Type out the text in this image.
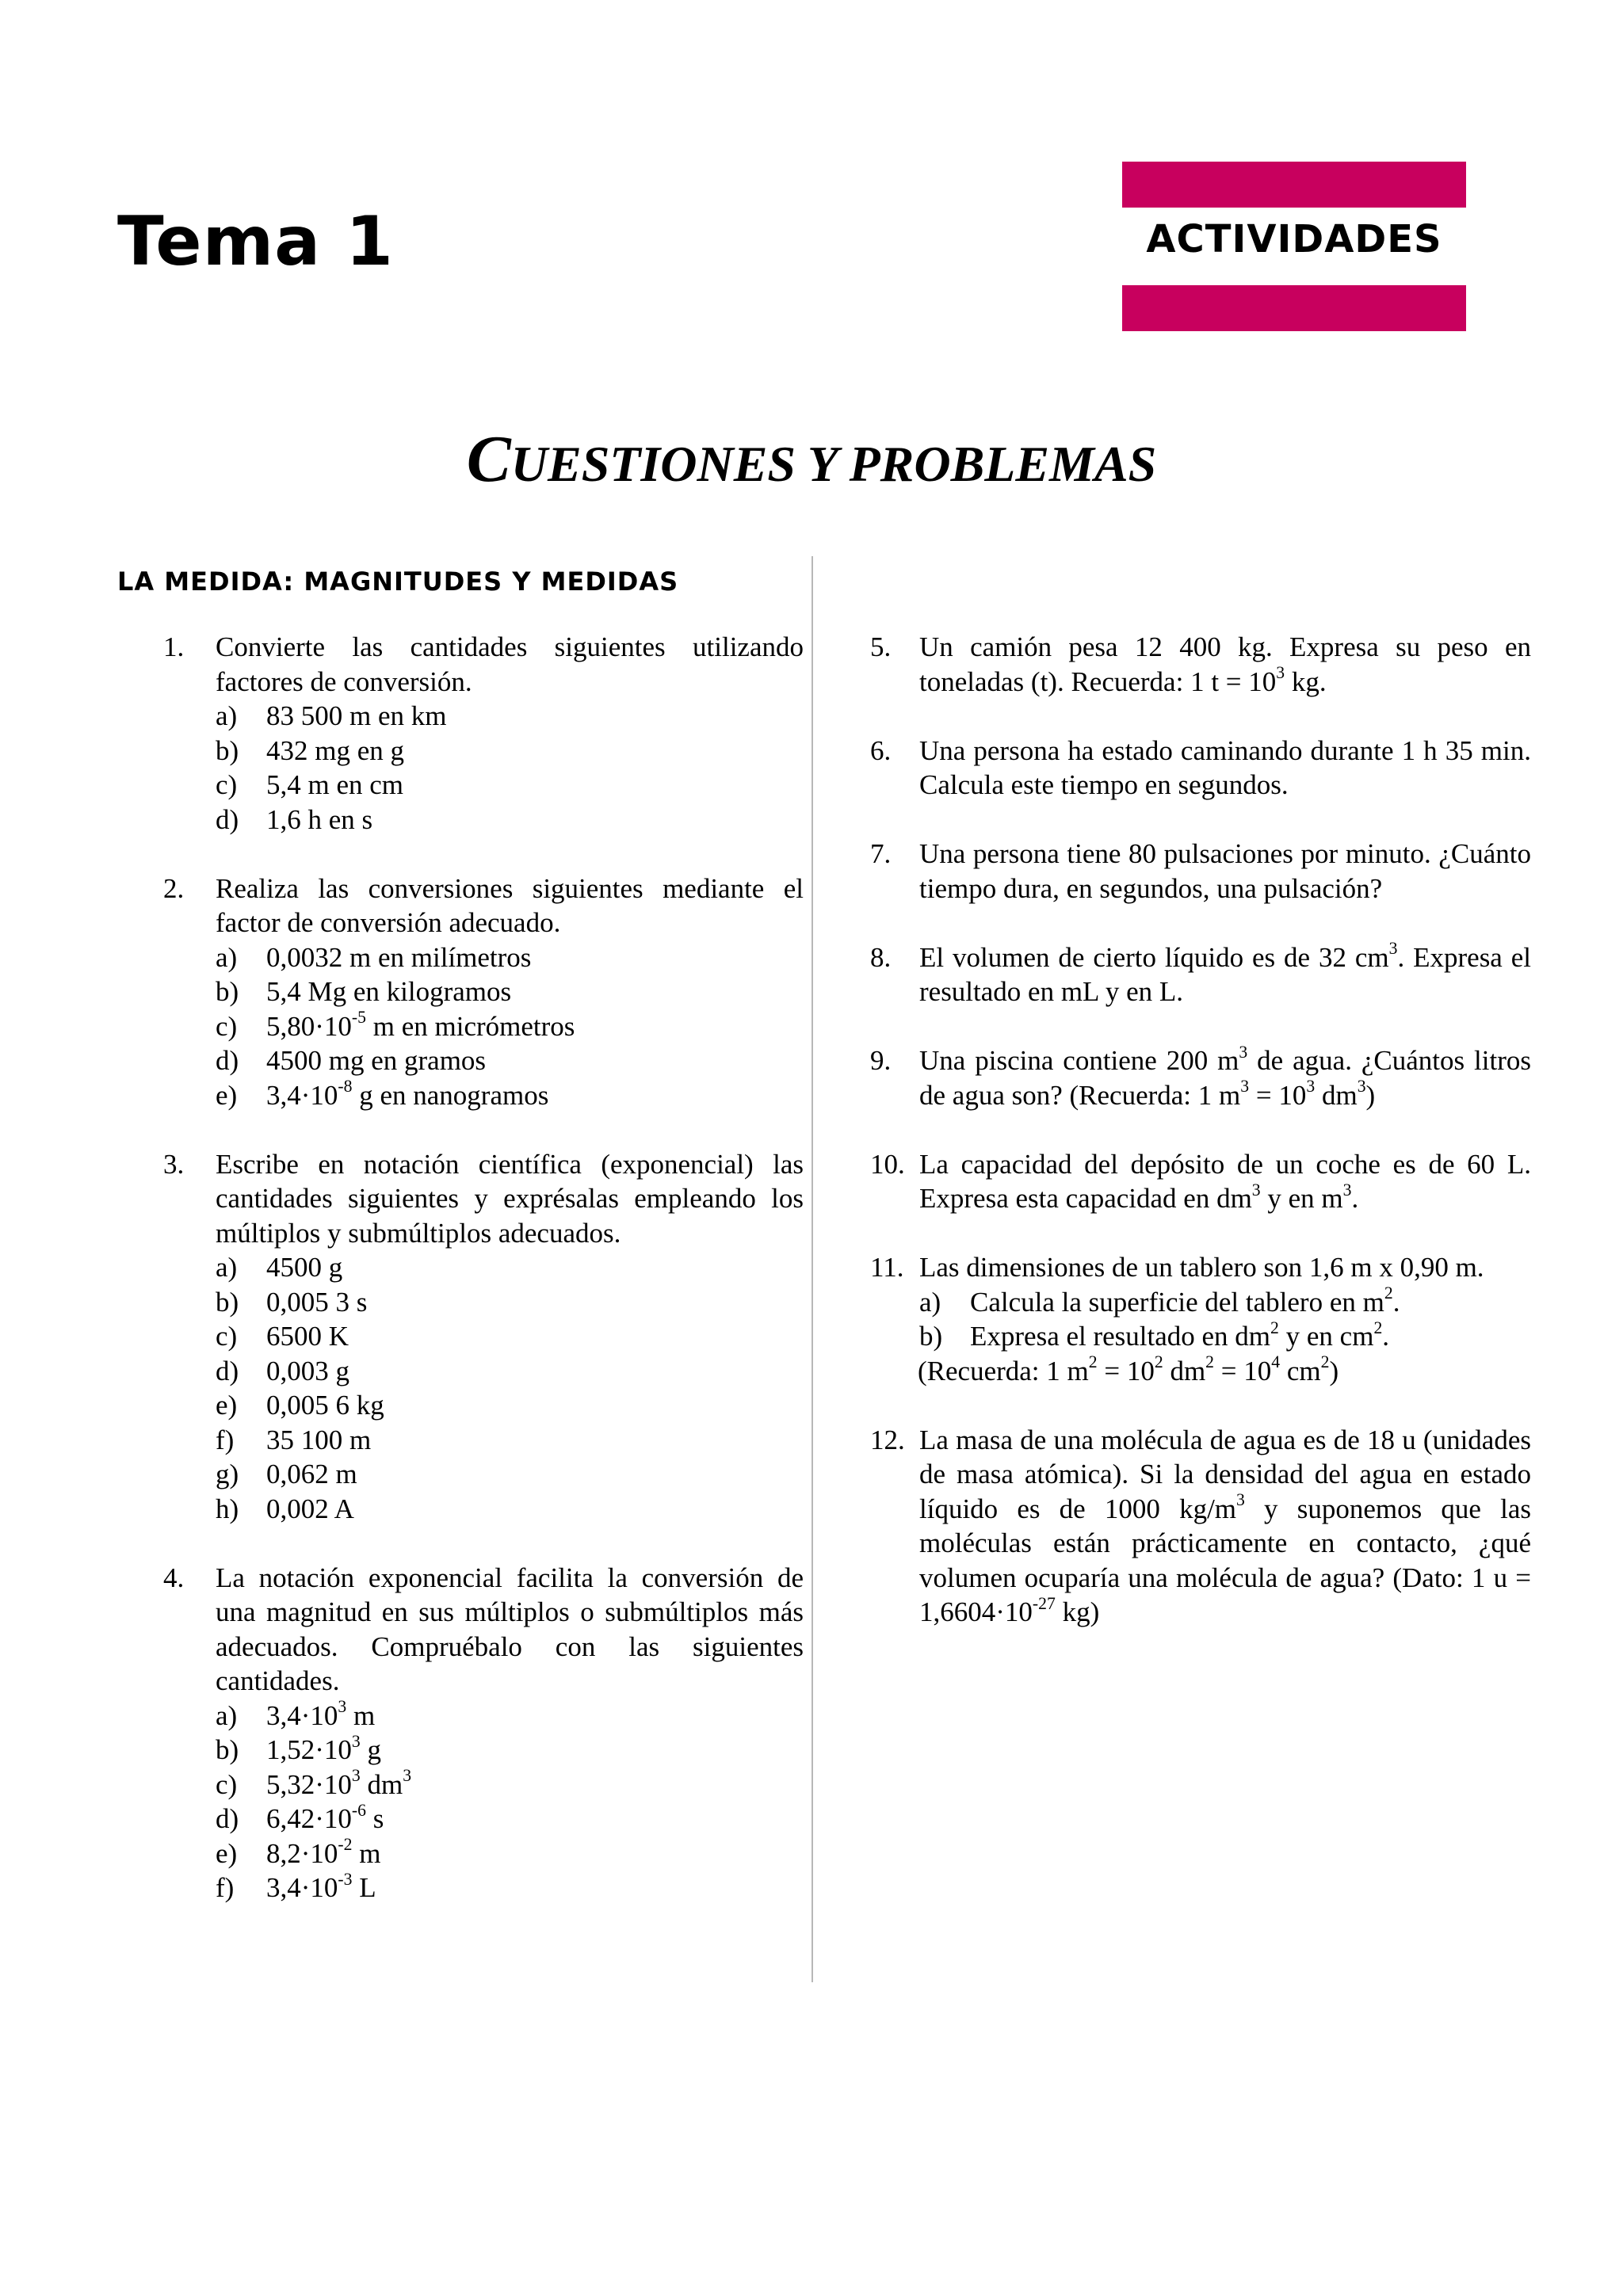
Tema 1	ACTIVIDADES
CUESTIONES Y PROBLEMAS
LA MEDIDA: MAGNITUDES Y MEDIDAS
1. Convierte las cantidades siguientes utilizando factores de conversión.
a) 83 500 m en km
b) 432 mg en g
c) 5,4 m en cm
d) 1,6 h en s
2. Realiza las conversiones siguientes mediante el factor de conversión adecuado.
a) 0,0032 m en milímetros
b) 5,4 Mg en kilogramos
c) $5,80\cdot 10^{-5}$ m en micrómetros
d) 4500 mg en gramos
e) $3,4\cdot 10^{-8}$ g en nanogramos
3. Escribe en notación científica (exponencial) las cantidades siguientes y exprésalas empleando los múltiplos y submúltiplos adecuados.
a) 4500 g
b) 0,005 3 s
c) 6500 K
d) 0,003 g
e) 0,005 6 kg
f) 35 100 m
g) 0,062 m
h) 0,002 A
4. La notación exponencial facilita la conversión de una magnitud en sus múltiplos o submúltiplos más adecuados. Compruébalo con las siguientes cantidades.
a) $3,4\cdot 10^3$ m
b) $1,52\cdot 10^3$ g
c) $5,32\cdot 10^3$ $dm^3$
d) $6,42\cdot 10^{-6}$ s
e) $8,2\cdot 10^{-2}$ m
f) $3,4\cdot 10^{-3}$ L
5. Un camión pesa 12 400 kg. Expresa su peso en toneladas (t). Recuerda: 1 $t = 10^3$ kg.
6. Una persona ha estado caminando durante 1 h 35 min. Calcula este tiempo en segundos.
7. Una persona tiene 80 pulsaciones por minuto. ¿Cuánto tiempo dura, en segundos, una pulsación?
8. El volumen de cierto líquido es de 32 $cm^3$. Expresa el resultado en mL y en L.
9. Una piscina contiene 200 $m^3$ de agua. ¿Cuántos litros de agua son? (Recuerda: 1 $m^3 = 10^3$ $dm^3$)
10. La capacidad del depósito de un coche es de 60 L. Expresa esta capacidad en $dm^3$ y en $m^3$.
11. Las dimensiones de un tablero son 1,6 m x 0,90 m.
a) Calcula la superficie del tablero en $m^2$.
b) Expresa el resultado en $dm^2$ y en $cm^2$.
(Recuerda: 1 $m^2 = 10^2$ $dm^2 = 10^4$ $cm^2$)
12. La masa de una molécula de agua es de 18 u (unidades de masa atómica). Si la densidad del agua en estado líquido es de 1000 $kg/m^3$ y suponemos que las moléculas están prácticamente en contacto, ¿qué volumen ocuparía una molécula de agua? (Dato: 1 $u = 1,6604\cdot 10^{-27}$ kg)
